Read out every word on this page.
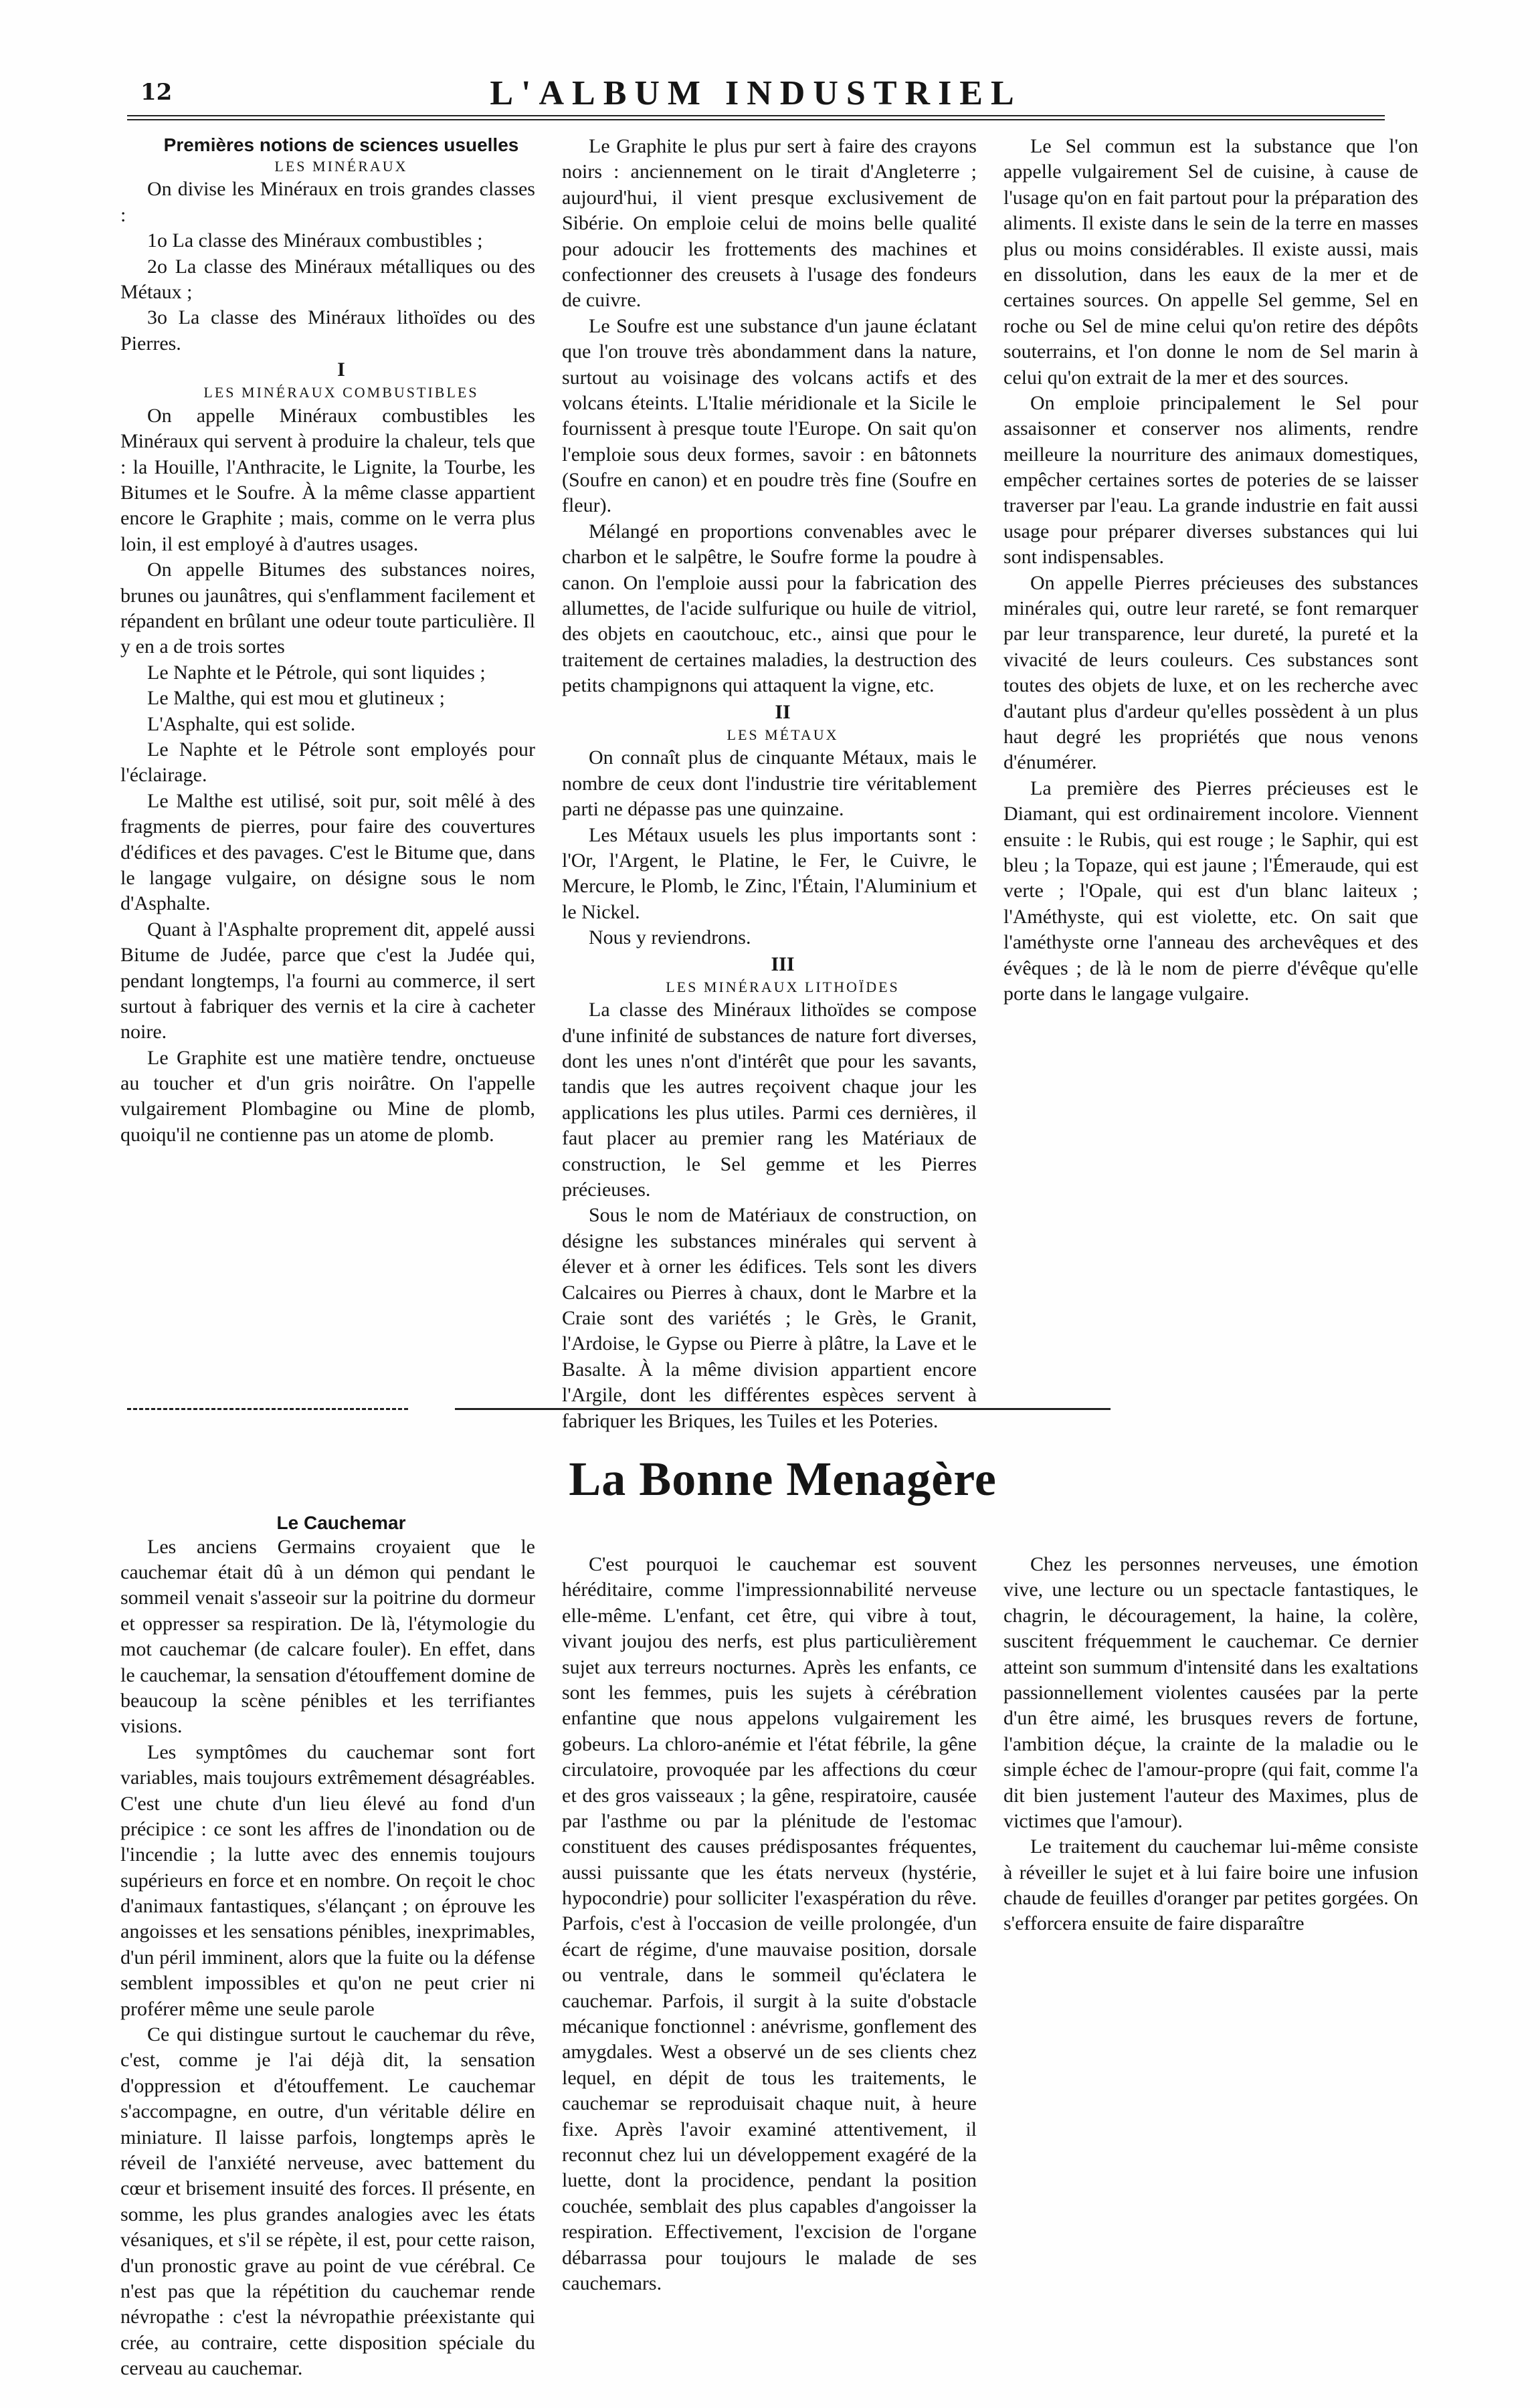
12	L'ALBUM INDUSTRIEL

Premières notions de sciences usuelles

LES MINÉRAUX

On divise les Minéraux en trois grandes classes :

1o La classe des Minéraux combustibles ;

2o La classe des Minéraux métalliques ou des Métaux ;

3o La classe des Minéraux lithoïdes ou des Pierres.

I

LES MINÉRAUX COMBUSTIBLES

On appelle Minéraux combustibles les Minéraux qui servent à produire la chaleur, tels que : la Houille, l'Anthracite, le Lignite, la Tourbe, les Bitumes et le Soufre. À la même classe appartient encore le Graphite ; mais, comme on le verra plus loin, il est employé à d'autres usages.

On appelle Bitumes des substances noires, brunes ou jaunâtres, qui s'enflamment facilement et répandent en brûlant une odeur toute particulière. Il y en a de trois sortes

Le Naphte et le Pétrole, qui sont liquides ;

Le Malthe, qui est mou et glutineux ;

L'Asphalte, qui est solide.

Le Naphte et le Pétrole sont employés pour l'éclairage.

Le Malthe est utilisé, soit pur, soit mêlé à des fragments de pierres, pour faire des couvertures d'édifices et des pavages. C'est le Bitume que, dans le langage vulgaire, on désigne sous le nom d'Asphalte.

Quant à l'Asphalte proprement dit, appelé aussi Bitume de Judée, parce que c'est la Judée qui, pendant longtemps, l'a fourni au commerce, il sert surtout à fabriquer des vernis et la cire à cacheter noire.

Le Graphite est une matière tendre, onctueuse au toucher et d'un gris noirâtre. On l'appelle vulgairement Plombagine ou Mine de plomb, quoiqu'il ne contienne pas un atome de plomb.

Le Graphite le plus pur sert à faire des crayons noirs : anciennement on le tirait d'Angleterre ; aujourd'hui, il vient presque exclusivement de Sibérie. On emploie celui de moins belle qualité pour adoucir les frottements des machines et confectionner des creusets à l'usage des fondeurs de cuivre.

Le Soufre est une substance d'un jaune éclatant que l'on trouve très abondamment dans la nature, surtout au voisinage des volcans actifs et des volcans éteints. L'Italie méridionale et la Sicile le fournissent à presque toute l'Europe. On sait qu'on l'emploie sous deux formes, savoir : en bâtonnets (Soufre en canon) et en poudre très fine (Soufre en fleur).

Mélangé en proportions convenables avec le charbon et le salpêtre, le Soufre forme la poudre à canon. On l'emploie aussi pour la fabrication des allumettes, de l'acide sulfurique ou huile de vitriol, des objets en caoutchouc, etc., ainsi que pour le traitement de certaines maladies, la destruction des petits champignons qui attaquent la vigne, etc.

II

LES MÉTAUX

On connaît plus de cinquante Métaux, mais le nombre de ceux dont l'industrie tire véritablement parti ne dépasse pas une quinzaine.

Les Métaux usuels les plus importants sont : l'Or, l'Argent, le Platine, le Fer, le Cuivre, le Mercure, le Plomb, le Zinc, l'Étain, l'Aluminium et le Nickel.

Nous y reviendrons.

III

LES MINÉRAUX LITHOÏDES

La classe des Minéraux lithoïdes se compose d'une infinité de substances de nature fort diverses, dont les unes n'ont d'intérêt que pour les savants, tandis que les autres reçoivent chaque jour les applications les plus utiles. Parmi ces dernières, il faut placer au premier rang les Matériaux de construction, le Sel gemme et les Pierres précieuses.

Sous le nom de Matériaux de construction, on désigne les substances minérales qui servent à élever et à orner les édifices. Tels sont les divers Calcaires ou Pierres à chaux, dont le Marbre et la Craie sont des variétés ; le Grès, le Granit, l'Ardoise, le Gypse ou Pierre à plâtre, la Lave et le Basalte. À la même division appartient encore l'Argile, dont les différentes espèces servent à fabriquer les Briques, les Tuiles et les Poteries.

Le Sel commun est la substance que l'on appelle vulgairement Sel de cuisine, à cause de l'usage qu'on en fait partout pour la préparation des aliments. Il existe dans le sein de la terre en masses plus ou moins considérables. Il existe aussi, mais en dissolution, dans les eaux de la mer et de certaines sources. On appelle Sel gemme, Sel en roche ou Sel de mine celui qu'on retire des dépôts souterrains, et l'on donne le nom de Sel marin à celui qu'on extrait de la mer et des sources.

On emploie principalement le Sel pour assaisonner et conserver nos aliments, rendre meilleure la nourriture des animaux domestiques, empêcher certaines sortes de poteries de se laisser traverser par l'eau. La grande industrie en fait aussi usage pour préparer diverses substances qui lui sont indispensables.

On appelle Pierres précieuses des substances minérales qui, outre leur rareté, se font remarquer par leur transparence, leur dureté, la pureté et la vivacité de leurs couleurs. Ces substances sont toutes des objets de luxe, et on les recherche avec d'autant plus d'ardeur qu'elles possèdent à un plus haut degré les propriétés que nous venons d'énumérer.

La première des Pierres précieuses est le Diamant, qui est ordinairement incolore. Viennent ensuite : le Rubis, qui est rouge ; le Saphir, qui est bleu ; la Topaze, qui est jaune ; l'Émeraude, qui est verte ; l'Opale, qui est d'un blanc laiteux ; l'Améthyste, qui est violette, etc. On sait que l'améthyste orne l'anneau des archevêques et des évêques ; de là le nom de pierre d'évêque qu'elle porte dans le langage vulgaire.

La Bonne Menagère

Le Cauchemar

Les anciens Germains croyaient que le cauchemar était dû à un démon qui pendant le sommeil venait s'asseoir sur la poitrine du dormeur et oppresser sa respiration. De là, l'étymologie du mot cauchemar (de calcare fouler). En effet, dans le cauchemar, la sensation d'étouffement domine de beaucoup la scène pénibles et les terrifiantes visions.

Les symptômes du cauchemar sont fort variables, mais toujours extrêmement désagréables. C'est une chute d'un lieu élevé au fond d'un précipice : ce sont les affres de l'inondation ou de l'incendie ; la lutte avec des ennemis toujours supérieurs en force et en nombre. On reçoit le choc d'animaux fantastiques, s'élançant ; on éprouve les angoisses et les sensations pénibles, inexprimables, d'un péril imminent, alors que la fuite ou la défense semblent impossibles et qu'on ne peut crier ni proférer même une seule parole

Ce qui distingue surtout le cauchemar du rêve, c'est, comme je l'ai déjà dit, la sensation d'oppression et d'étouffement. Le cauchemar s'accompagne, en outre, d'un véritable délire en miniature. Il laisse parfois, longtemps après le réveil de l'anxiété nerveuse, avec battement du cœur et brisement insuité des forces. Il présente, en somme, les plus grandes analogies avec les états vésaniques, et s'il se répète, il est, pour cette raison, d'un pronostic grave au point de vue cérébral. Ce n'est pas que la répétition du cauchemar rende névropathe : c'est la névropathie préexistante qui crée, au contraire, cette disposition spéciale du cerveau au cauchemar.

C'est pourquoi le cauchemar est souvent héréditaire, comme l'impressionnabilité nerveuse elle-même. L'enfant, cet être, qui vibre à tout, vivant joujou des nerfs, est plus particulièrement sujet aux terreurs nocturnes. Après les enfants, ce sont les femmes, puis les sujets à cérébration enfantine que nous appelons vulgairement les gobeurs. La chloro-anémie et l'état fébrile, la gêne circulatoire, provoquée par les affections du cœur et des gros vaisseaux ; la gêne, respiratoire, causée par l'asthme ou par la plénitude de l'estomac constituent des causes prédisposantes fréquentes, aussi puissante que les états nerveux (hystérie, hypocondrie) pour solliciter l'exaspération du rêve. Parfois, c'est à l'occasion de veille prolongée, d'un écart de régime, d'une mauvaise position, dorsale ou ventrale, dans le sommeil qu'éclatera le cauchemar. Parfois, il surgit à la suite d'obstacle mécanique fonctionnel : anévrisme, gonflement des amygdales. West a observé un de ses clients chez lequel, en dépit de tous les traitements, le cauchemar se reproduisait chaque nuit, à heure fixe. Après l'avoir examiné attentivement, il reconnut chez lui un développement exagéré de la luette, dont la procidence, pendant la position couchée, semblait des plus capables d'angoisser la respiration. Effectivement, l'excision de l'organe débarrassa pour toujours le malade de ses cauchemars.

Chez les personnes nerveuses, une émotion vive, une lecture ou un spectacle fantastiques, le chagrin, le découragement, la haine, la colère, suscitent fréquemment le cauchemar. Ce dernier atteint son summum d'intensité dans les exaltations passionnellement violentes causées par la perte d'un être aimé, les brusques revers de fortune, l'ambition déçue, la crainte de la maladie ou le simple échec de l'amour-propre (qui fait, comme l'a dit bien justement l'auteur des Maximes, plus de victimes que l'amour).

Le traitement du cauchemar lui-même consiste à réveiller le sujet et à lui faire boire une infusion chaude de feuilles d'oranger par petites gorgées. On s'efforcera ensuite de faire disparaître
